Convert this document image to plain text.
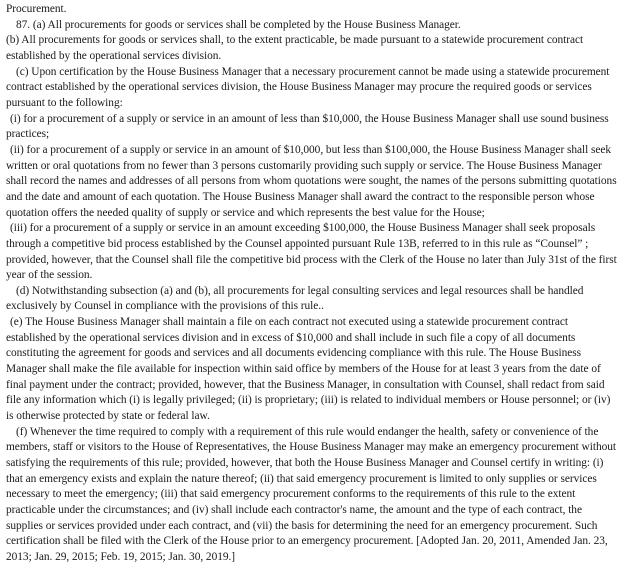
Procurement.

87. (a) All procurements for goods or services shall be completed by the House Business Manager.

(b) All procurements for goods or services shall, to the extent practicable, be made pursuant to a statewide procurement contract established by the operational services division.

(c) Upon certification by the House Business Manager that a necessary procurement cannot be made using a statewide procurement contract established by the operational services division, the House Business Manager may procure the required goods or services pursuant to the following:

(i) for a procurement of a supply or service in an amount of less than $10,000, the House Business Manager shall use sound business practices;

(ii) for a procurement of a supply or service in an amount of $10,000, but less than $100,000, the House Business Manager shall seek written or oral quotations from no fewer than 3 persons customarily providing such supply or service. The House Business Manager shall record the names and addresses of all persons from whom quotations were sought, the names of the persons submitting quotations and the date and amount of each quotation. The House Business Manager shall award the contract to the responsible person whose quotation offers the needed quality of supply or service and which represents the best value for the House;

(iii) for a procurement of a supply or service in an amount exceeding $100,000, the House Business Manager shall seek proposals through a competitive bid process established by the Counsel appointed pursuant Rule 13B, referred to in this rule as “Counsel” ; provided, however, that the Counsel shall file the competitive bid process with the Clerk of the House no later than July 31st of the first year of the session.

(d) Notwithstanding subsection (a) and (b), all procurements for legal consulting services and legal resources shall be handled exclusively by Counsel in compliance with the provisions of this rule..

(e) The House Business Manager shall maintain a file on each contract not executed using a statewide procurement contract established by the operational services division and in excess of $10,000 and shall include in such file a copy of all documents constituting the agreement for goods and services and all documents evidencing compliance with this rule. The House Business Manager shall make the file available for inspection within said office by members of the House for at least 3 years from the date of final payment under the contract; provided, however, that the Business Manager, in consultation with Counsel, shall redact from said file any information which (i) is legally privileged; (ii) is proprietary; (iii) is related to individual members or House personnel; or (iv) is otherwise protected by state or federal law.

(f) Whenever the time required to comply with a requirement of this rule would endanger the health, safety or convenience of the members, staff or visitors to the House of Representatives, the House Business Manager may make an emergency procurement without satisfying the requirements of this rule; provided, however, that both the House Business Manager and Counsel certify in writing: (i) that an emergency exists and explain the nature thereof; (ii) that said emergency procurement is limited to only supplies or services necessary to meet the emergency; (iii) that said emergency procurement conforms to the requirements of this rule to the extent practicable under the circumstances; and (iv) shall include each contractor's name, the amount and the type of each contract, the supplies or services provided under each contract, and (vii) the basis for determining the need for an emergency procurement. Such certification shall be filed with the Clerk of the House prior to an emergency procurement. [Adopted Jan. 20, 2011, Amended Jan. 23, 2013; Jan. 29, 2015; Feb. 19, 2015; Jan. 30, 2019.]
